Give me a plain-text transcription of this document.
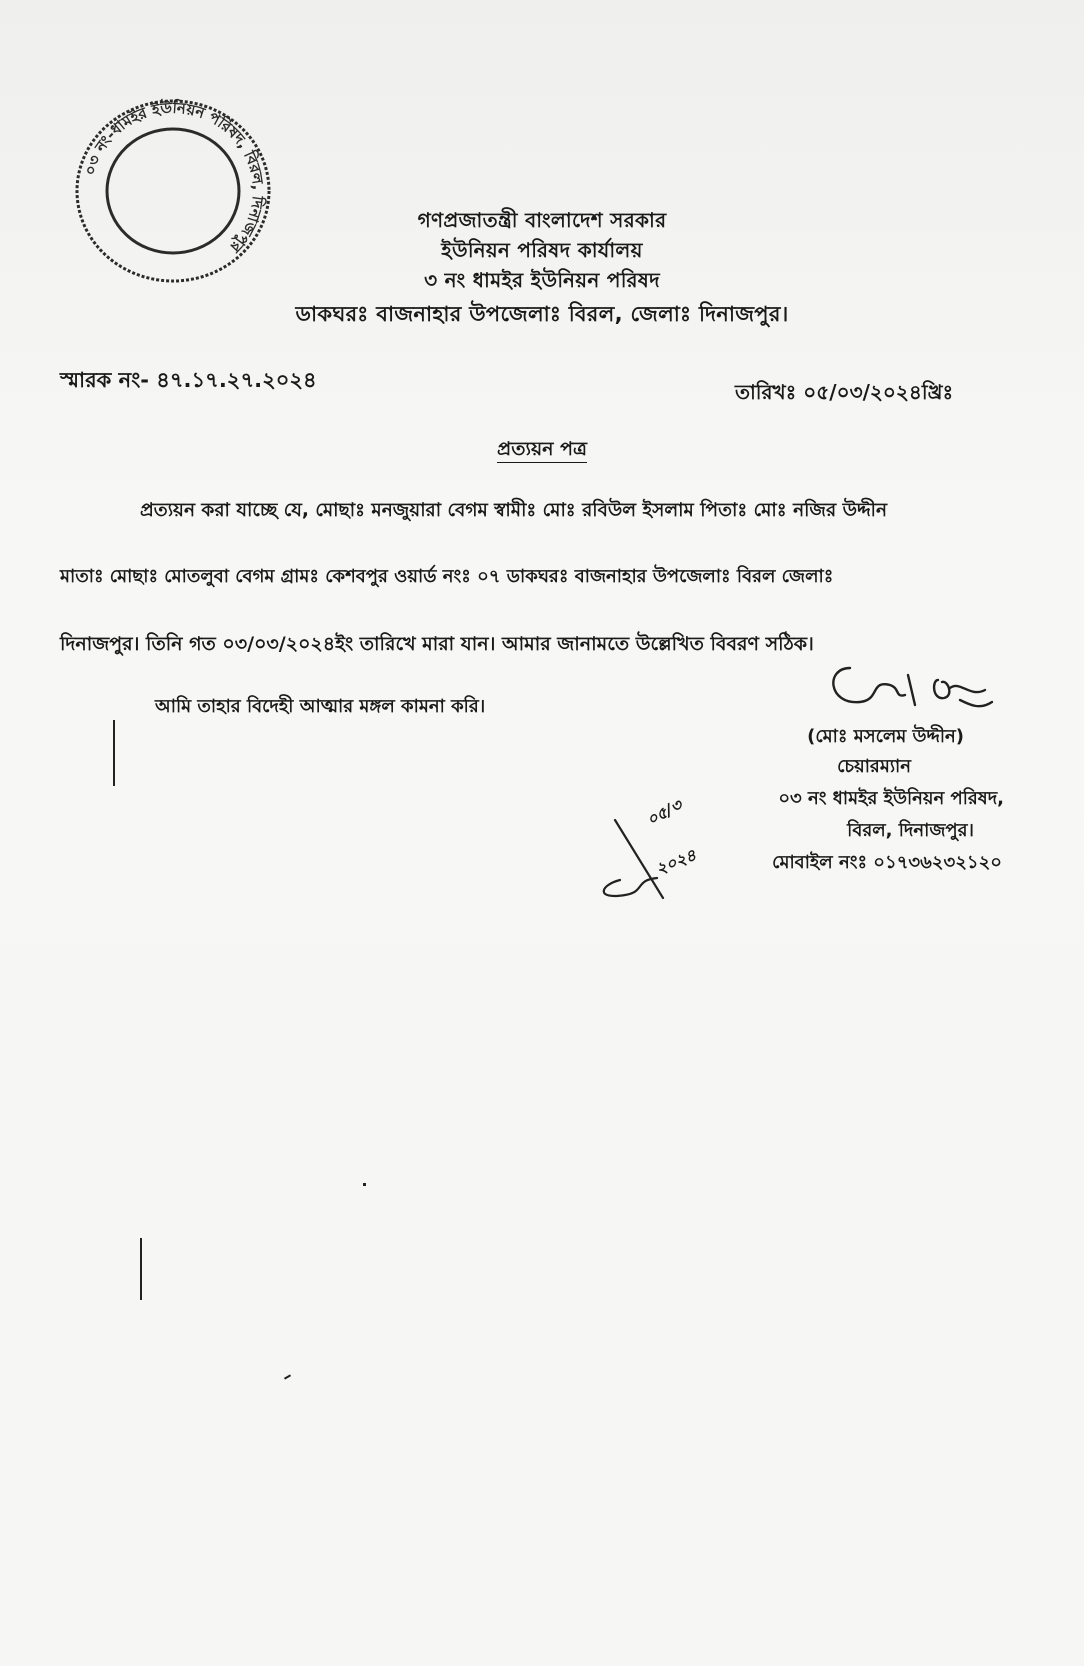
০৩ নং-ধামইর ইউনিয়ন পরিষদ, বিরল, দিনাজপুর
গণপ্রজাতন্ত্রী বাংলাদেশ সরকার
ইউনিয়ন পরিষদ কার্যালয়
৩ নং ধামইর ইউনিয়ন পরিষদ
ডাকঘরঃ বাজনাহার উপজেলাঃ বিরল, জেলাঃ দিনাজপুর।
স্মারক নং- ৪৭.১৭.২৭.২০২৪	তারিখঃ ০৫/০৩/২০২৪খ্রিঃ
প্রত্যয়ন পত্র
প্রত্যয়ন করা যাচ্ছে যে, মোছাঃ মনজুয়ারা বেগম স্বামীঃ মোঃ রবিউল ইসলাম পিতাঃ মোঃ নজির উদ্দীন
মাতাঃ মোছাঃ মোতলুবা বেগম গ্রামঃ কেশবপুর ওয়ার্ড নংঃ ০৭ ডাকঘরঃ বাজনাহার উপজেলাঃ বিরল জেলাঃ
দিনাজপুর। তিনি গত ০৩/০৩/২০২৪ইং তারিখে মারা যান। আমার জানামতে উল্লেখিত বিবরণ সঠিক।
আমি তাহার বিদেহী আত্মার মঙ্গল কামনা করি।
(মোঃ মসলেম উদ্দীন)
চেয়ারম্যান
০৩ নং ধামইর ইউনিয়ন পরিষদ,
বিরল, দিনাজপুর।
মোবাইল নংঃ ০১৭৩৬২৩২১২০
০৫/৩
২০২৪
